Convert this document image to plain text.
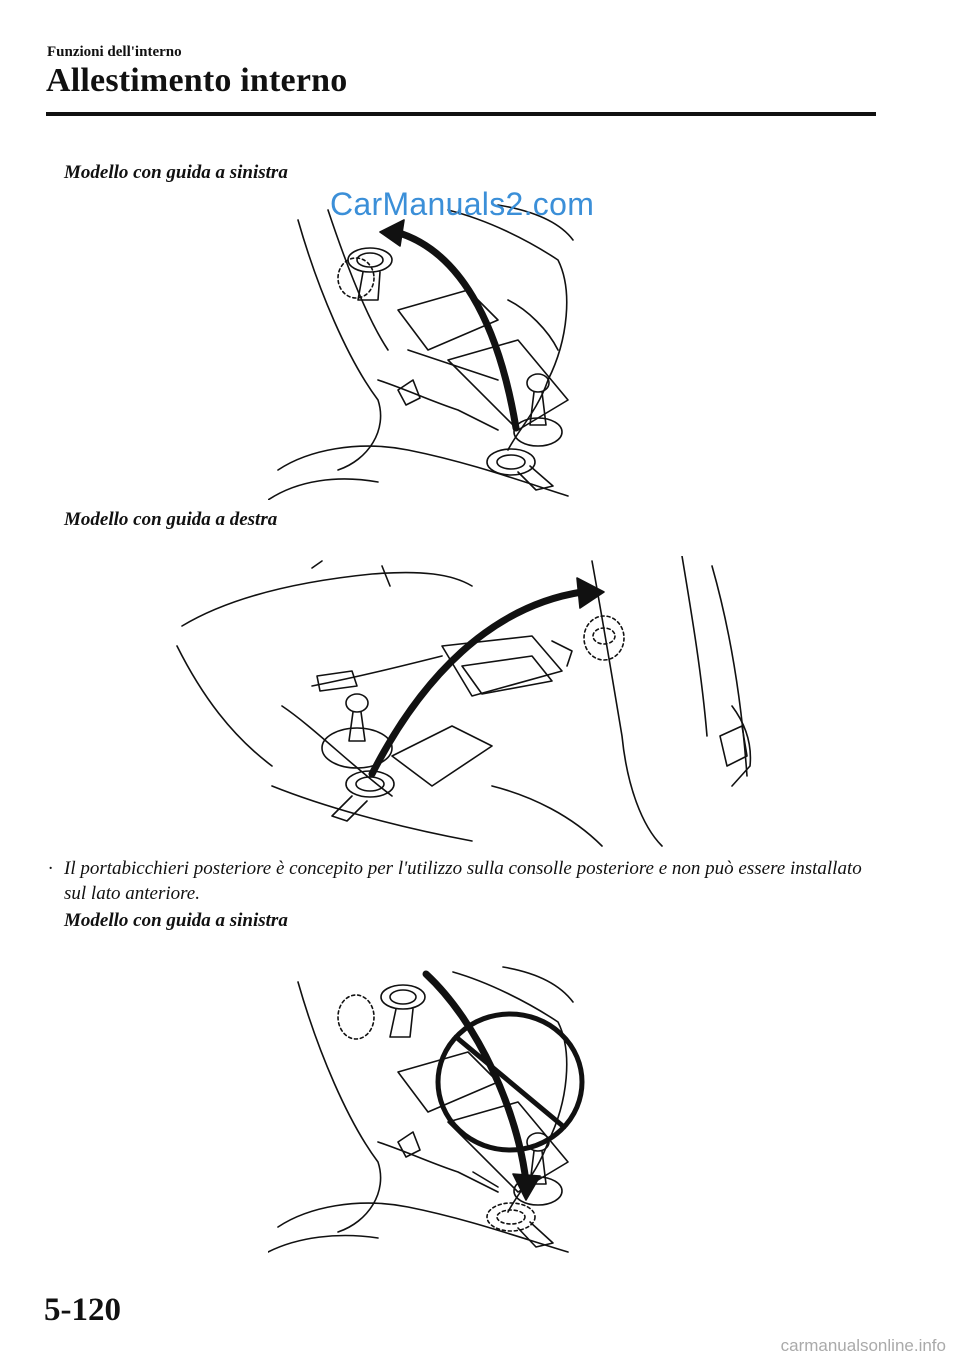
Funzioni dell'interno
Allestimento interno
Modello con guida a sinistra
CarManuals2.com
Modello con guida a destra
· Il portabicchieri posteriore è concepito per l'utilizzo sulla consolle posteriore e non può essere installato sul lato anteriore.
Modello con guida a sinistra
5-120
carmanualsonline.info
